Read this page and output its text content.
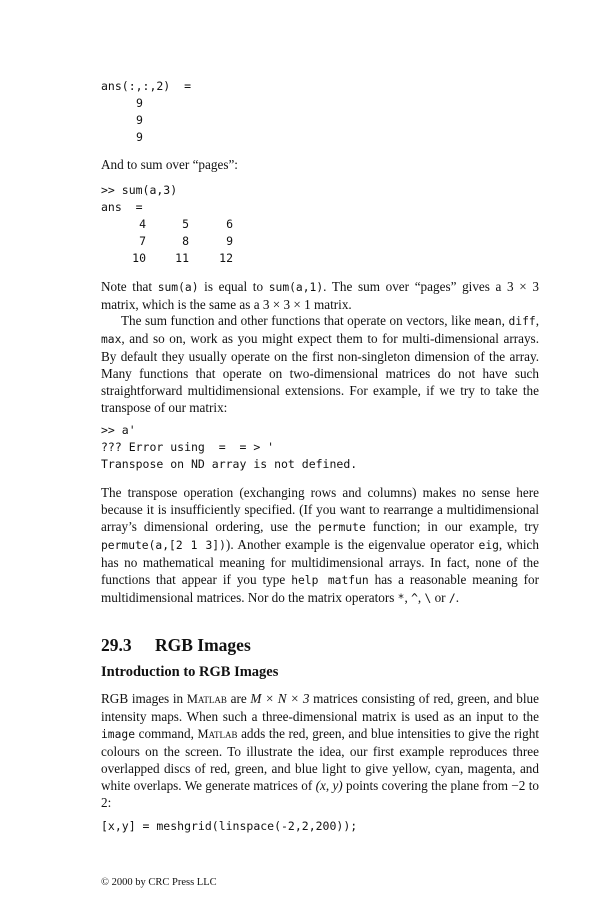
ans(:,:,2)  =
9
9
9
And to sum over “pages”:
>> sum(a,3)
ans  =
4	5	6
7	8	9
10	11	12
Note that sum(a) is equal to sum(a,1). The sum over “pages” gives a 3 × 3 matrix, which is the same as a 3 × 3 × 1 matrix.
The sum function and other functions that operate on vectors, like mean, diff, max, and so on, work as you might expect them to for multi-dimensional arrays. By default they usually operate on the first non-singleton dimension of the array. Many functions that operate on two-dimensional matrices do not have such straightforward multidimensional extensions. For example, if we try to take the transpose of our matrix:
>> a'
??? Error using  =  = > '
Transpose on ND array is not defined.
The transpose operation (exchanging rows and columns) makes no sense here because it is insufficiently specified. (If you want to rearrange a multidimensional array’s dimensional ordering, use the permute function; in our example, try permute(a,[2 1 3])). Another example is the eigenvalue operator eig, which has no mathematical meaning for multidimensional arrays. In fact, none of the functions that appear if you type help matfun has a reasonable meaning for multidimensional matrices. Nor do the matrix operators *, ^, \ or /.
29.3 RGB Images
Introduction to RGB Images
RGB images in Matlab are M × N × 3 matrices consisting of red, green, and blue intensity maps. When such a three-dimensional matrix is used as an input to the image command, Matlab adds the red, green, and blue intensities to give the right colours on the screen. To illustrate the idea, our first example reproduces three overlapped discs of red, green, and blue light to give yellow, cyan, magenta, and white overlaps. We generate matrices of (x, y) points covering the plane from −2 to 2:
[x,y] = meshgrid(linspace(-2,2,200));
© 2000 by CRC Press LLC
